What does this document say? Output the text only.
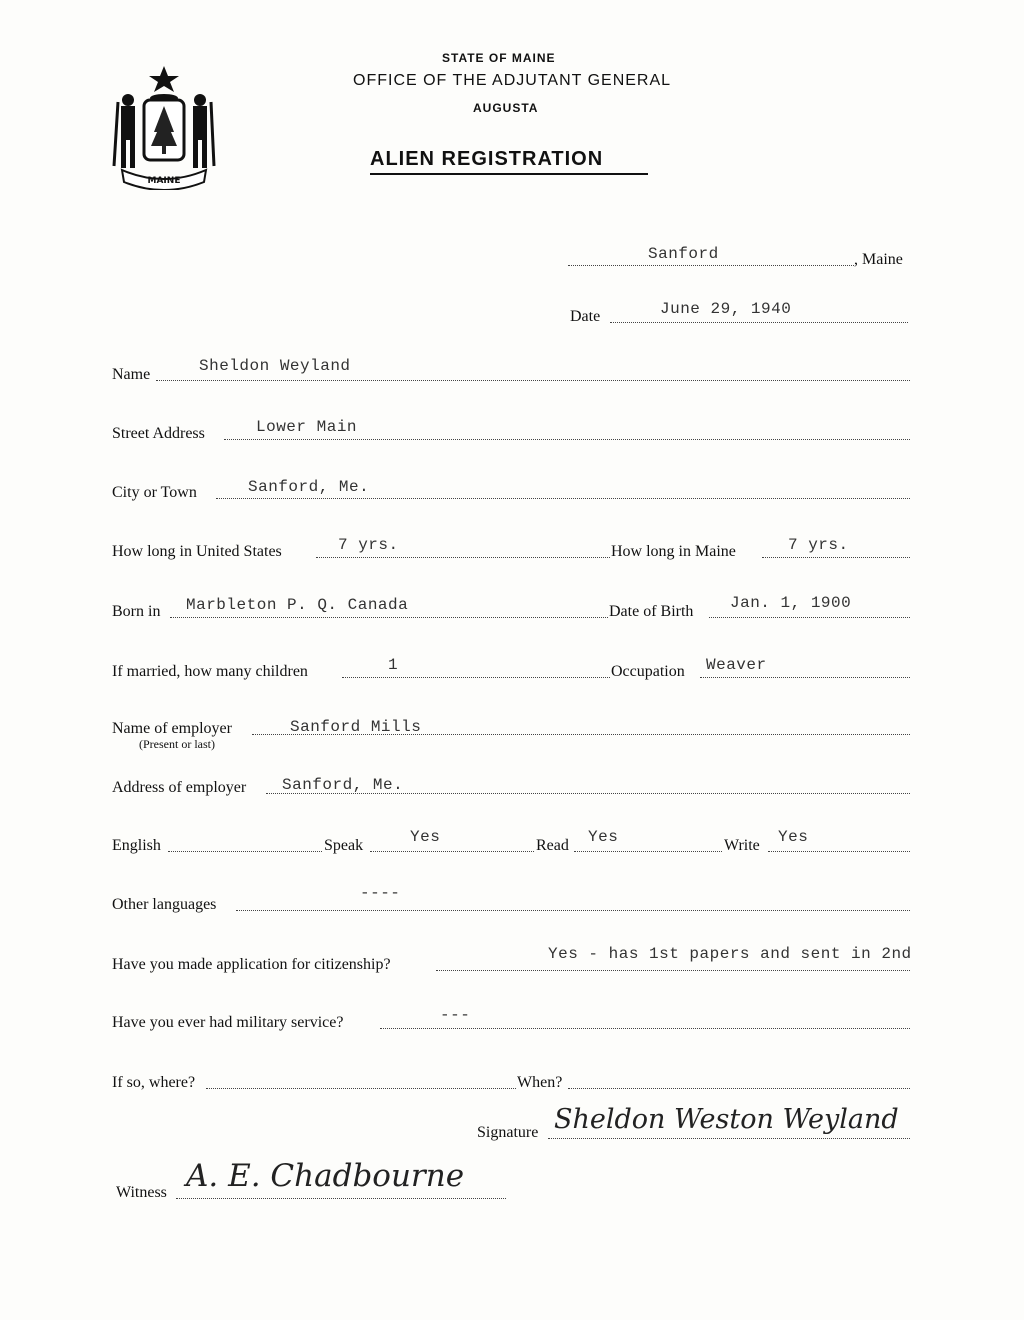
MAINE
STATE OF MAINE
OFFICE OF THE ADJUTANT GENERAL
AUGUSTA
ALIEN REGISTRATION
Sanford	, Maine
Date	June 29, 1940
Name	Sheldon Weyland
Street Address	Lower Main
City or Town	Sanford, Me.
How long in United States	7 yrs.	How long in Maine	7 yrs.
Born in Marbleton P. Q. Canada	Date of Birth Jan. 1, 1900
If married, how many children	1	Occupation Weaver
Name of employer
(Present or last)
Sanford Mills
Address of employer Sanford, Me.
English	Speak	Yes	Read Yes	Write Yes
Other languages
----
Have you made application for citizenship?
Yes - has 1st papers and sent in 2nd
Have you ever had military service?	---
If so, where?	When?
Signature Sheldon Weston Weyland
Witness A. E. Chadbourne
